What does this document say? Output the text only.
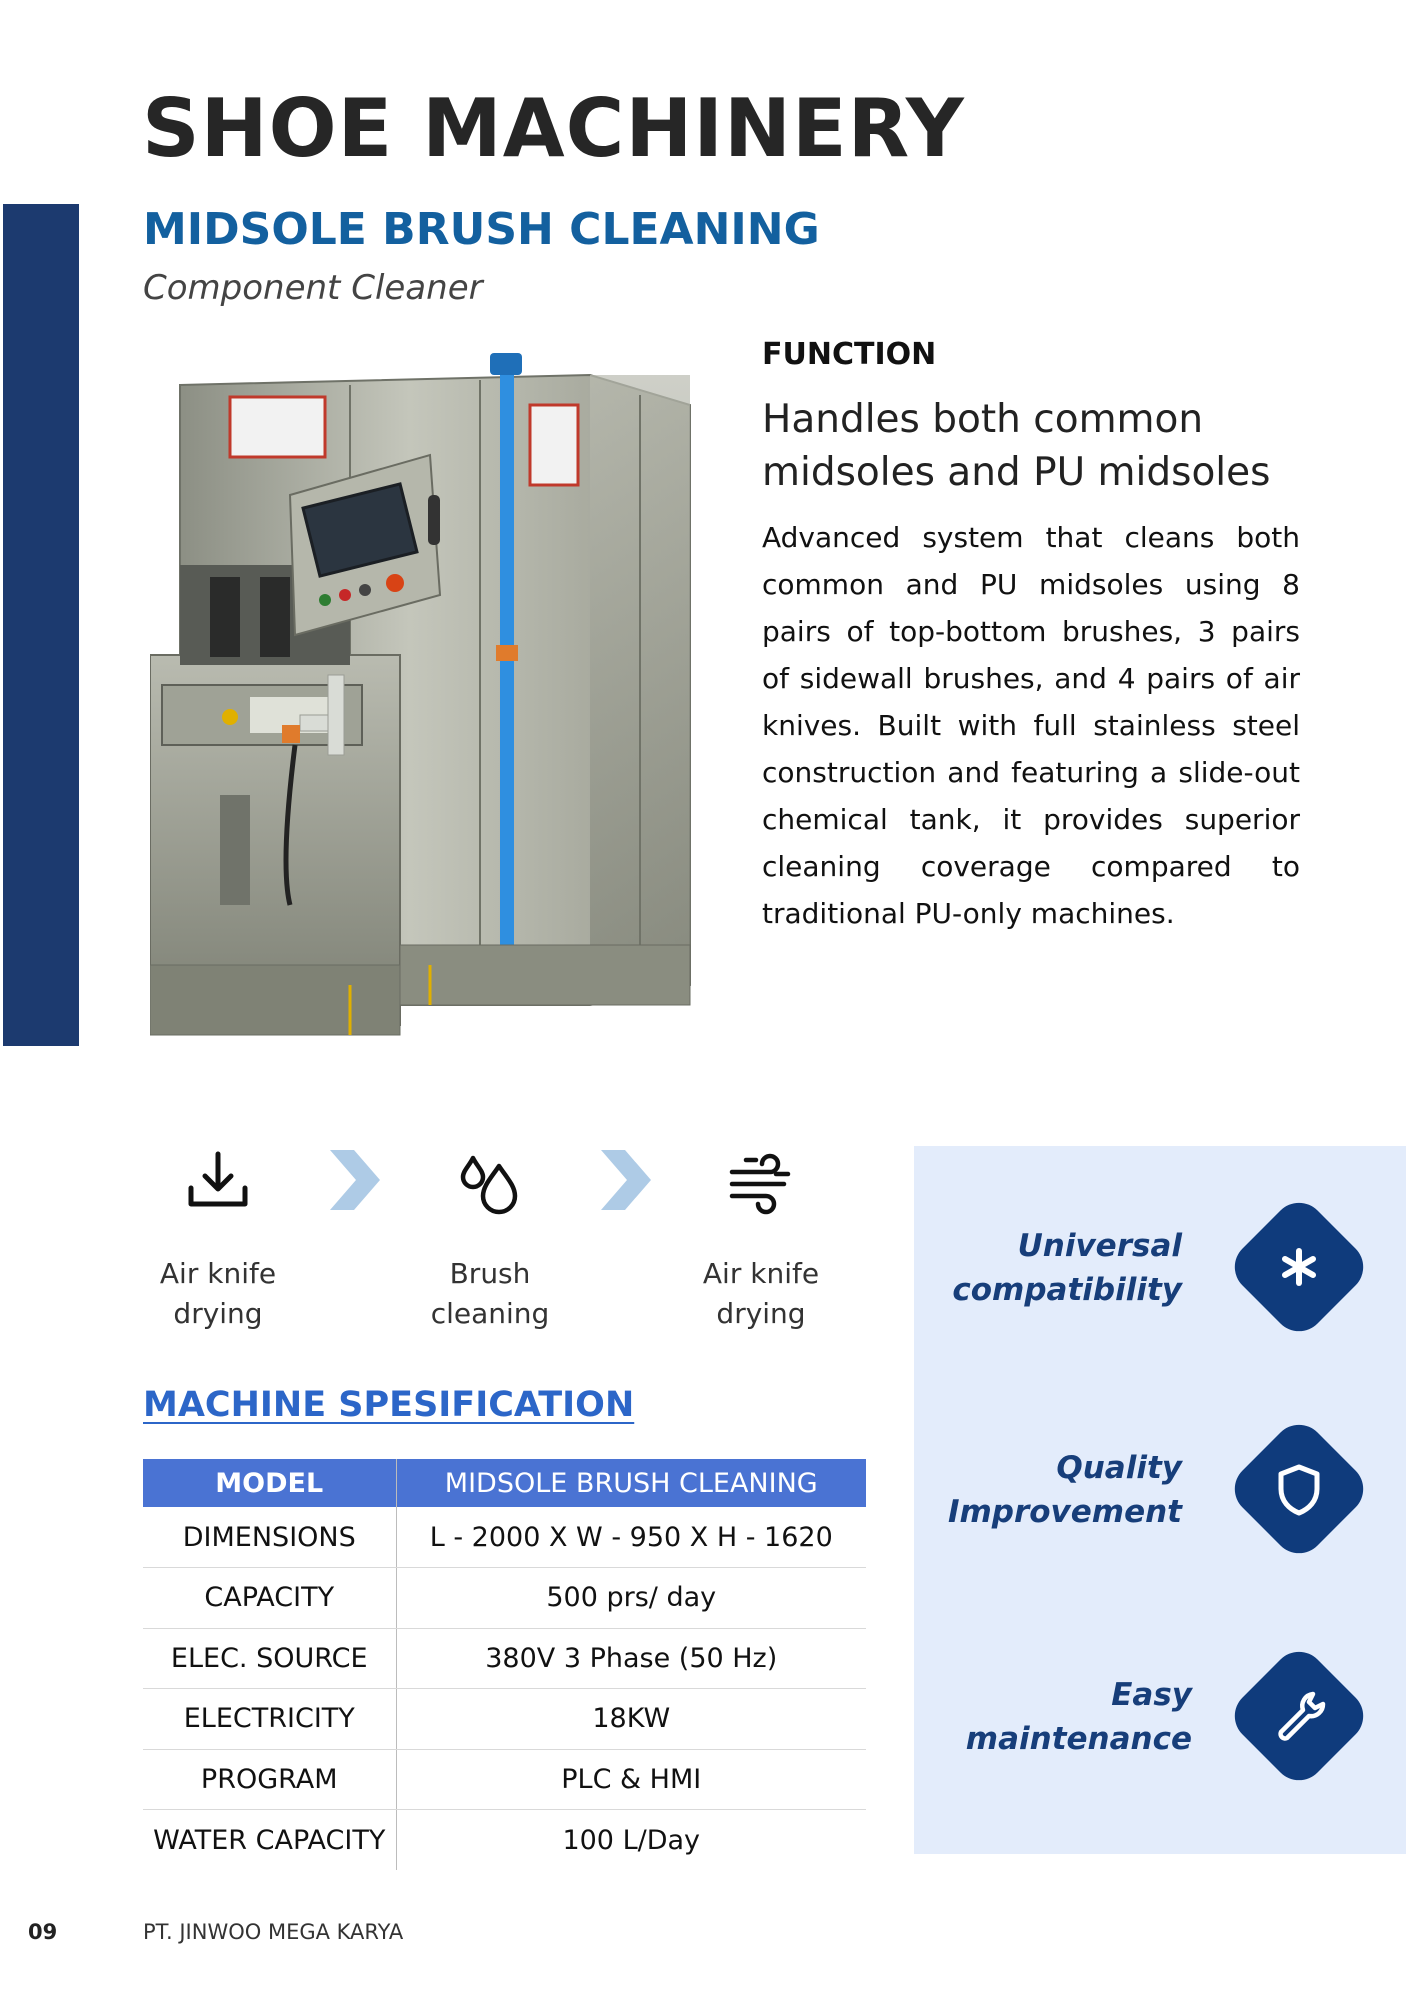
SHOE MACHINERY
MIDSOLE BRUSH CLEANING
Component Cleaner
FUNCTION
Handles both common midsoles and PU midsoles
Advanced system that cleans both common and PU midsoles using 8 pairs of top-bottom brushes, 3 pairs of sidewall brushes, and 4 pairs of air knives. Built with full stainless steel construction and featuring a slide-out chemical tank, it provides superior cleaning coverage compared to traditional PU-only machines.
Air knife drying
Brush cleaning
Air knife drying
MACHINE SPESIFICATION
MODEL	MIDSOLE BRUSH CLEANING
DIMENSIONS	L - 2000 X W - 950 X H - 1620
CAPACITY	500 prs/ day
ELEC. SOURCE	380V 3 Phase (50 Hz)
ELECTRICITY	18KW
PROGRAM	PLC & HMI
WATER CAPACITY	100 L/Day
Universal compatibility
Quality Improvement
Easy maintenance
09	PT. JINWOO MEGA KARYA
